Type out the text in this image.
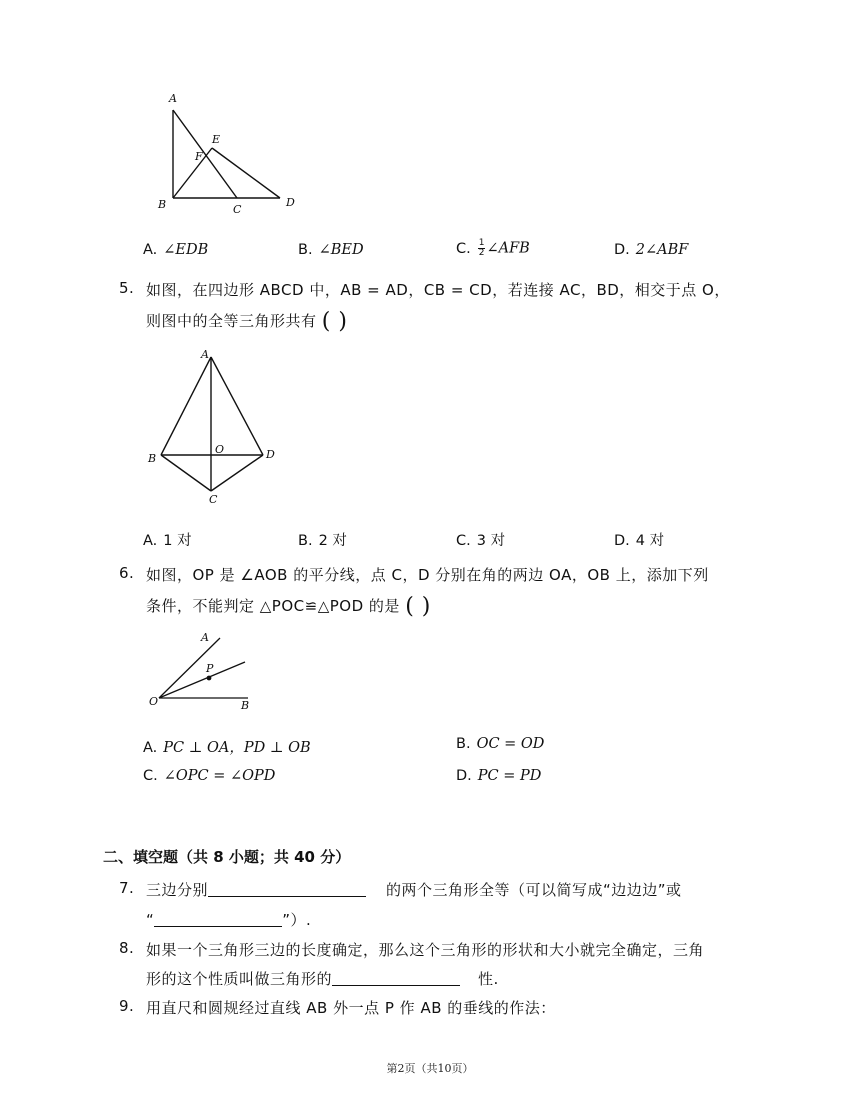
A
E
F
B	C
D
A. ∠EDB	B. ∠BED	C. $\frac{1}{2}$ ∠AFB	D. 2∠ABF
5. 如图，在四边形 ABCD 中，AB = AD，CB = CD，若连接 AC，BD，相交于点 O，
则图中的全等三角形共有 ( )
A
B
O	D
C
A. 1 对	B. 2 对	C. 3 对	D. 4 对
6. 如图，OP 是 ∠AOB 的平分线，点 C，D 分别在角的两边 OA，OB 上，添加下列
条件，不能判定 △POC≌△POD 的是 ( )
A
P
O	B
A. PC ⊥ OA，PD ⊥ OB	B. OC = OD
C. ∠OPC = ∠OPD	D. PC = PD
二、填空题（共 8 小题；共 40 分）
7. 三边分别	的两个三角形全等（可以简写成“边边边”或
“	”）.
8. 如果一个三角形三边的长度确定，那么这个三角形的形状和大小就完全确定，三角
形的这个性质叫做三角形的	性.
9. 用直尺和圆规经过直线 AB 外一点 P 作 AB 的垂线的作法：
第2页（共10页）
